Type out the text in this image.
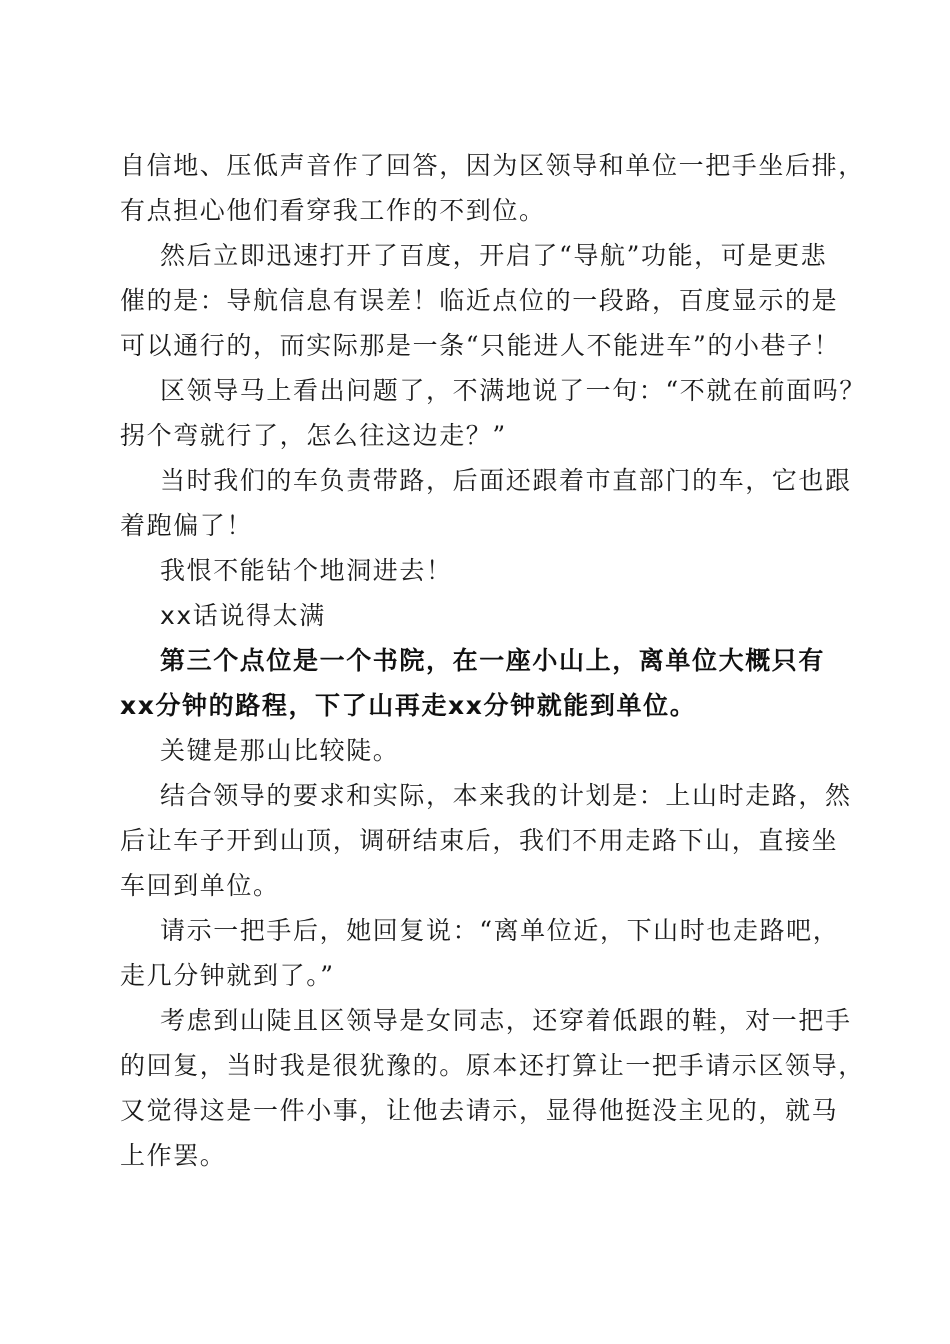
自信地、压低声音作了回答，因为区领导和单位一把手坐后排，
有点担心他们看穿我工作的不到位。
然后立即迅速打开了百度，开启了“导航”功能，可是更悲
催的是：导航信息有误差！临近点位的一段路，百度显示的是
可以通行的，而实际那是一条“只能进人不能进车”的小巷子！
区领导马上看出问题了，不满地说了一句：“不就在前面吗？
拐个弯就行了，怎么往这边走？”
当时我们的车负责带路，后面还跟着市直部门的车，它也跟
着跑偏了！
我恨不能钻个地洞进去！
xx话说得太满
第三个点位是一个书院，在一座小山上，离单位大概只有
xx分钟的路程，下了山再走xx分钟就能到单位。
关键是那山比较陡。
结合领导的要求和实际，本来我的计划是：上山时走路，然
后让车子开到山顶，调研结束后，我们不用走路下山，直接坐
车回到单位。
请示一把手后，她回复说：“离单位近，下山时也走路吧，
走几分钟就到了。”
考虑到山陡且区领导是女同志，还穿着低跟的鞋，对一把手
的回复，当时我是很犹豫的。原本还打算让一把手请示区领导，
又觉得这是一件小事，让他去请示，显得他挺没主见的，就马
上作罢。
